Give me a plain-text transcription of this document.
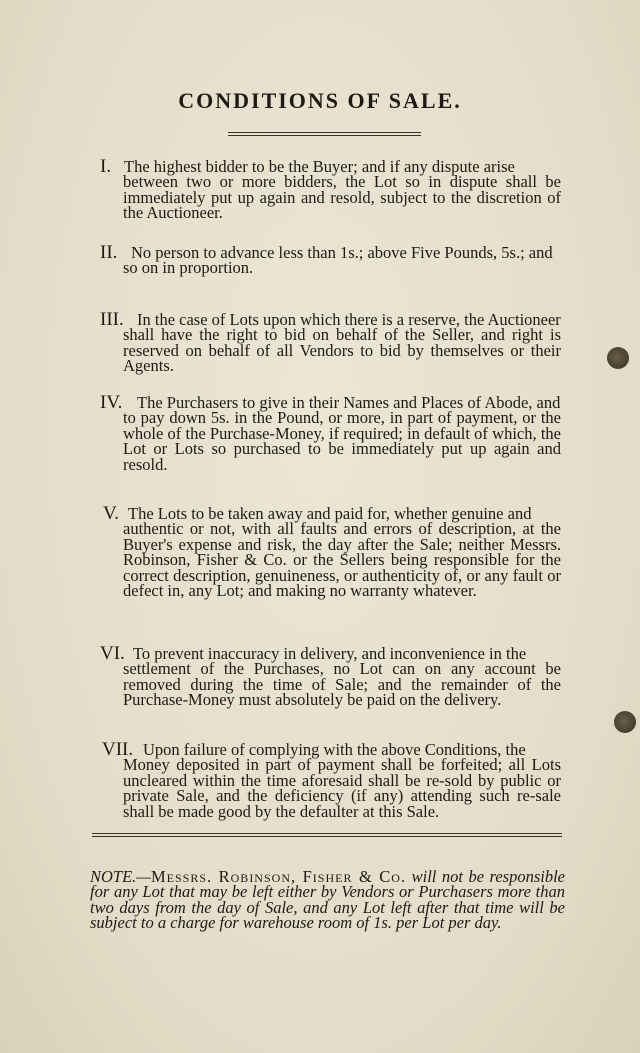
CONDITIONS OF SALE.
I. The highest bidder to be the Buyer; and if any dispute arise

between two or more bidders, the Lot so in dispute shall be immediately put up again and resold, subject to the discretion of the Auctioneer.

II. No person to advance less than 1s.; above Five Pounds, 5s.; and

so on in proportion.

III. In the case of Lots upon which there is a reserve, the Auctioneer

shall have the right to bid on behalf of the Seller, and right is reserved on behalf of all Vendors to bid by themselves or their Agents.

IV. The Purchasers to give in their Names and Places of Abode, and

to pay down 5s. in the Pound, or more, in part of payment, or the whole of the Purchase-Money, if required; in default of which, the Lot or Lots so purchased to be immediately put up again and resold.

V. The Lots to be taken away and paid for, whether genuine and

authentic or not, with all faults and errors of description, at the Buyer's expense and risk, the day after the Sale; neither Messrs. Robinson, Fisher & Co. or the Sellers being responsible for the correct description, genuineness, or authenticity of, or any fault or defect in, any Lot; and making no warranty whatever.

VI. To prevent inaccuracy in delivery, and inconvenience in the

settlement of the Purchases, no Lot can on any account be removed during the time of Sale; and the remainder of the Purchase-Money must absolutely be paid on the delivery.

VII. Upon failure of complying with the above Conditions, the

Money deposited in part of payment shall be forfeited; all Lots uncleared within the time aforesaid shall be re-sold by public or private Sale, and the deficiency (if any) attending such re-sale shall be made good by the defaulter at this Sale.

NOTE.—Messrs. Robinson, Fisher & Co. will not be responsible for any Lot that may be left either by Vendors or Purchasers more than two days from the day of Sale, and any Lot left after that time will be subject to a charge for warehouse room of 1s. per Lot per day.
